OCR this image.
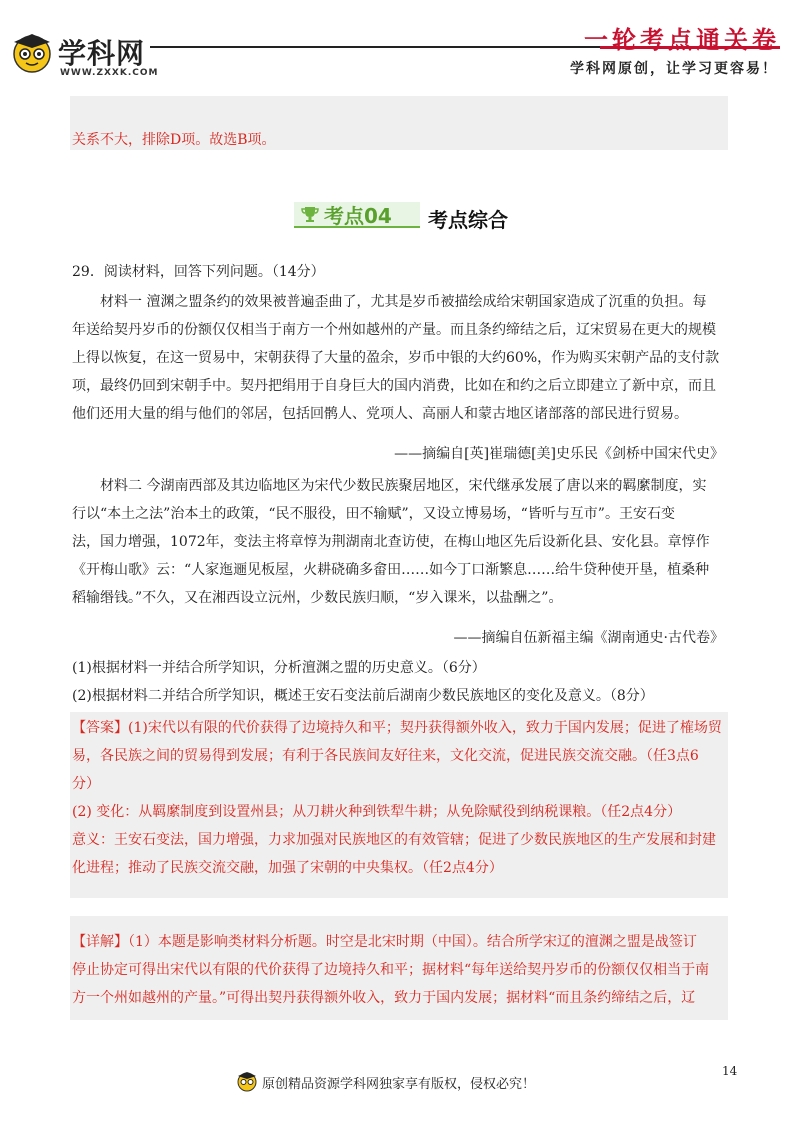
学科网
WWW.ZXXK.COM
一轮考点通关卷
学科网原创，让学习更容易！
关系不大，排除D项。故选B项。
考点04 考点综合
29．阅读材料，回答下列问题。（14分）
材料一 澶渊之盟条约的效果被普遍歪曲了，尤其是岁币被描绘成给宋朝国家造成了沉重的负担。每
年送给契丹岁币的份额仅仅相当于南方一个州如越州的产量。而且条约缔结之后，辽宋贸易在更大的规模
上得以恢复，在这一贸易中，宋朝获得了大量的盈余，岁币中银的大约60%，作为购买宋朝产品的支付款
项，最终仍回到宋朝手中。契丹把绢用于自身巨大的国内消费，比如在和约之后立即建立了新中京，而且
他们还用大量的绢与他们的邻居，包括回鹘人、党项人、高丽人和蒙古地区诸部落的部民进行贸易。
——摘编自[英]崔瑞德[美]史乐民《剑桥中国宋代史》
材料二 今湖南西部及其边临地区为宋代少数民族聚居地区，宋代继承发展了唐以来的羁縻制度，实
行以“本土之法”治本土的政策，“民不服役，田不输赋”，又设立博易场，“皆听与互市”。王安石变
法，国力增强，1072年，变法主将章惇为荆湖南北查访使，在梅山地区先后设新化县、安化县。章惇作
《开梅山歌》云：“人家迤逦见板屋，火耕硗确多畲田……如今丁口渐繁息……给牛贷种使开垦，植桑种
稻输缗钱。”不久，又在湘西设立沅州，少数民族归顺，“岁入课米，以盐酬之”。
——摘编自伍新福主编《湖南通史·古代卷》
(1)根据材料一并结合所学知识，分析澶渊之盟的历史意义。（6分）
(2)根据材料二并结合所学知识，概述王安石变法前后湖南少数民族地区的变化及意义。（8分）
【答案】(1)宋代以有限的代价获得了边境持久和平；契丹获得额外收入，致力于国内发展；促进了榷场贸
易，各民族之间的贸易得到发展；有利于各民族间友好往来，文化交流，促进民族交流交融。（任3点6
分）
(2) 变化：从羁縻制度到设置州县；从刀耕火种到铁犁牛耕；从免除赋役到纳税课粮。（任2点4分）
意义：王安石变法，国力增强，力求加强对民族地区的有效管辖；促进了少数民族地区的生产发展和封建
化进程；推动了民族交流交融，加强了宋朝的中央集权。（任2点4分）
【详解】（1）本题是影响类材料分析题。时空是北宋时期（中国）。结合所学宋辽的澶渊之盟是战签订
停止协定可得出宋代以有限的代价获得了边境持久和平；据材料“每年送给契丹岁币的份额仅仅相当于南
方一个州如越州的产量。”可得出契丹获得额外收入，致力于国内发展；据材料“而且条约缔结之后，辽
原创精品资源学科网独家享有版权，侵权必究！
14
